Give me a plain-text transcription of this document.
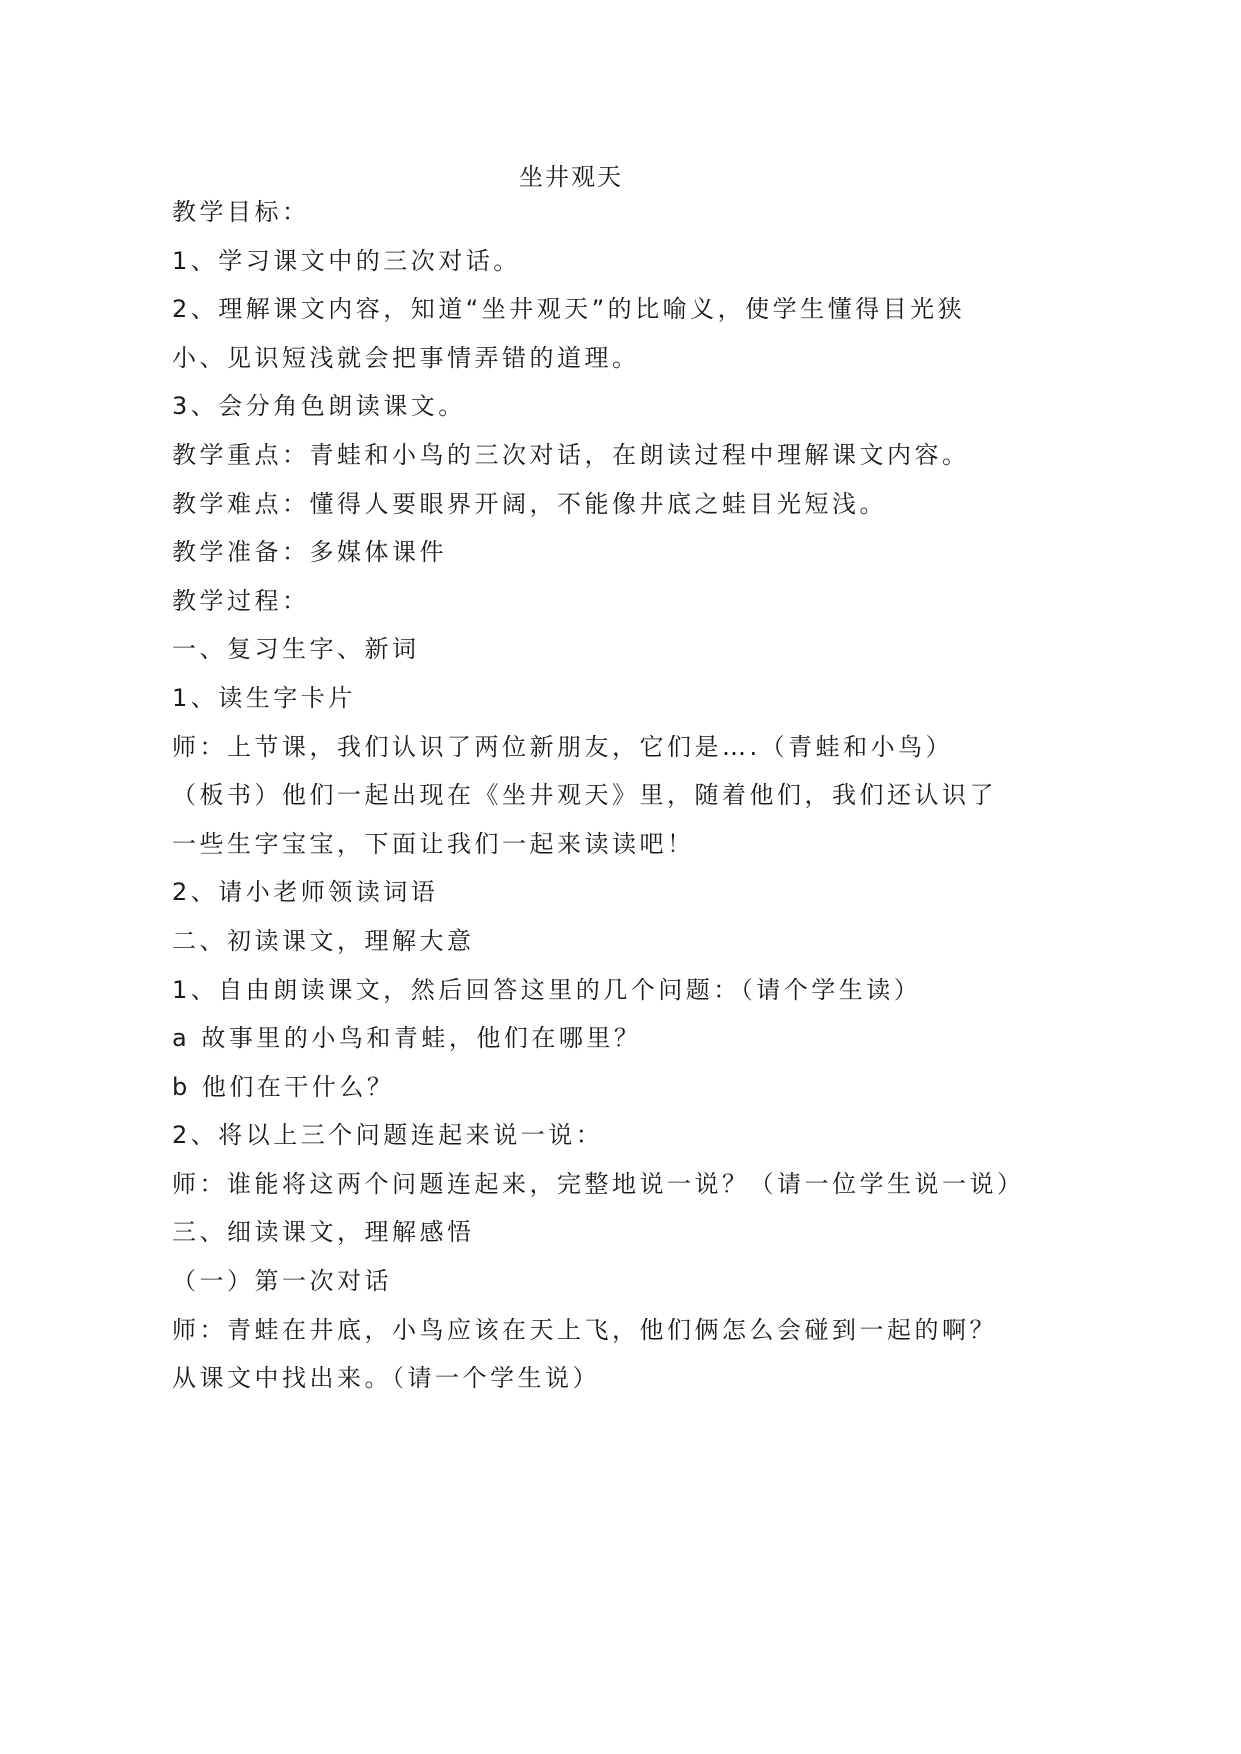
坐井观天

教学目标：

1、学习课文中的三次对话。

2、理解课文内容，知道“坐井观天”的比喻义，使学生懂得目光狭

小、见识短浅就会把事情弄错的道理。

3、会分角色朗读课文。

教学重点：青蛙和小鸟的三次对话，在朗读过程中理解课文内容。

教学难点：懂得人要眼界开阔，不能像井底之蛙目光短浅。

教学准备：多媒体课件

教学过程：

一、复习生字、新词

1、读生字卡片

师：上节课，我们认识了两位新朋友，它们是….（青蛙和小鸟）

（板书）他们一起出现在《坐井观天》里，随着他们，我们还认识了

一些生字宝宝，下面让我们一起来读读吧！

2、请小老师领读词语

二、初读课文，理解大意

1、自由朗读课文，然后回答这里的几个问题：（请个学生读）

a 故事里的小鸟和青蛙，他们在哪里？

b 他们在干什么？

2、将以上三个问题连起来说一说：

师：谁能将这两个问题连起来，完整地说一说？（请一位学生说一说）

三、细读课文，理解感悟

（一）第一次对话

师：青蛙在井底，小鸟应该在天上飞，他们俩怎么会碰到一起的啊？

从课文中找出来。（请一个学生说）
